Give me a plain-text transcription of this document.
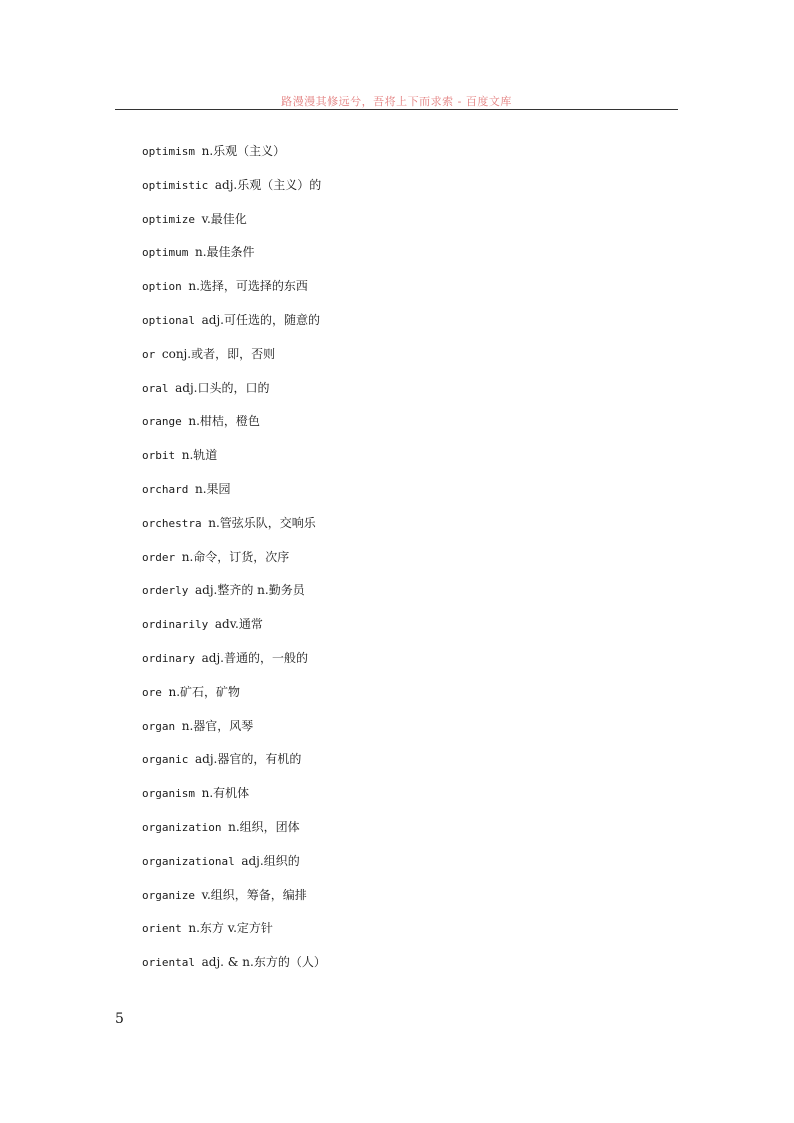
路漫漫其修远兮，吾将上下而求索 - 百度文库
optimism n.乐观（主义）
optimistic adj.乐观（主义）的
optimize v.最佳化
optimum n.最佳条件
option n.选择，可选择的东西
optional adj.可任选的，随意的
or conj.或者，即，否则
oral adj.口头的，口的
orange n.柑桔，橙色
orbit n.轨道
orchard n.果园
orchestra n.管弦乐队，交响乐
order n.命令，订货，次序
orderly adj.整齐的 n.勤务员
ordinarily adv.通常
ordinary adj.普通的，一般的
ore n.矿石，矿物
organ n.器官，风琴
organic adj.器官的，有机的
organism n.有机体
organization n.组织，团体
organizational adj.组织的
organize v.组织，筹备，编排
orient n.东方 v.定方针
oriental adj. & n.东方的（人）
5
